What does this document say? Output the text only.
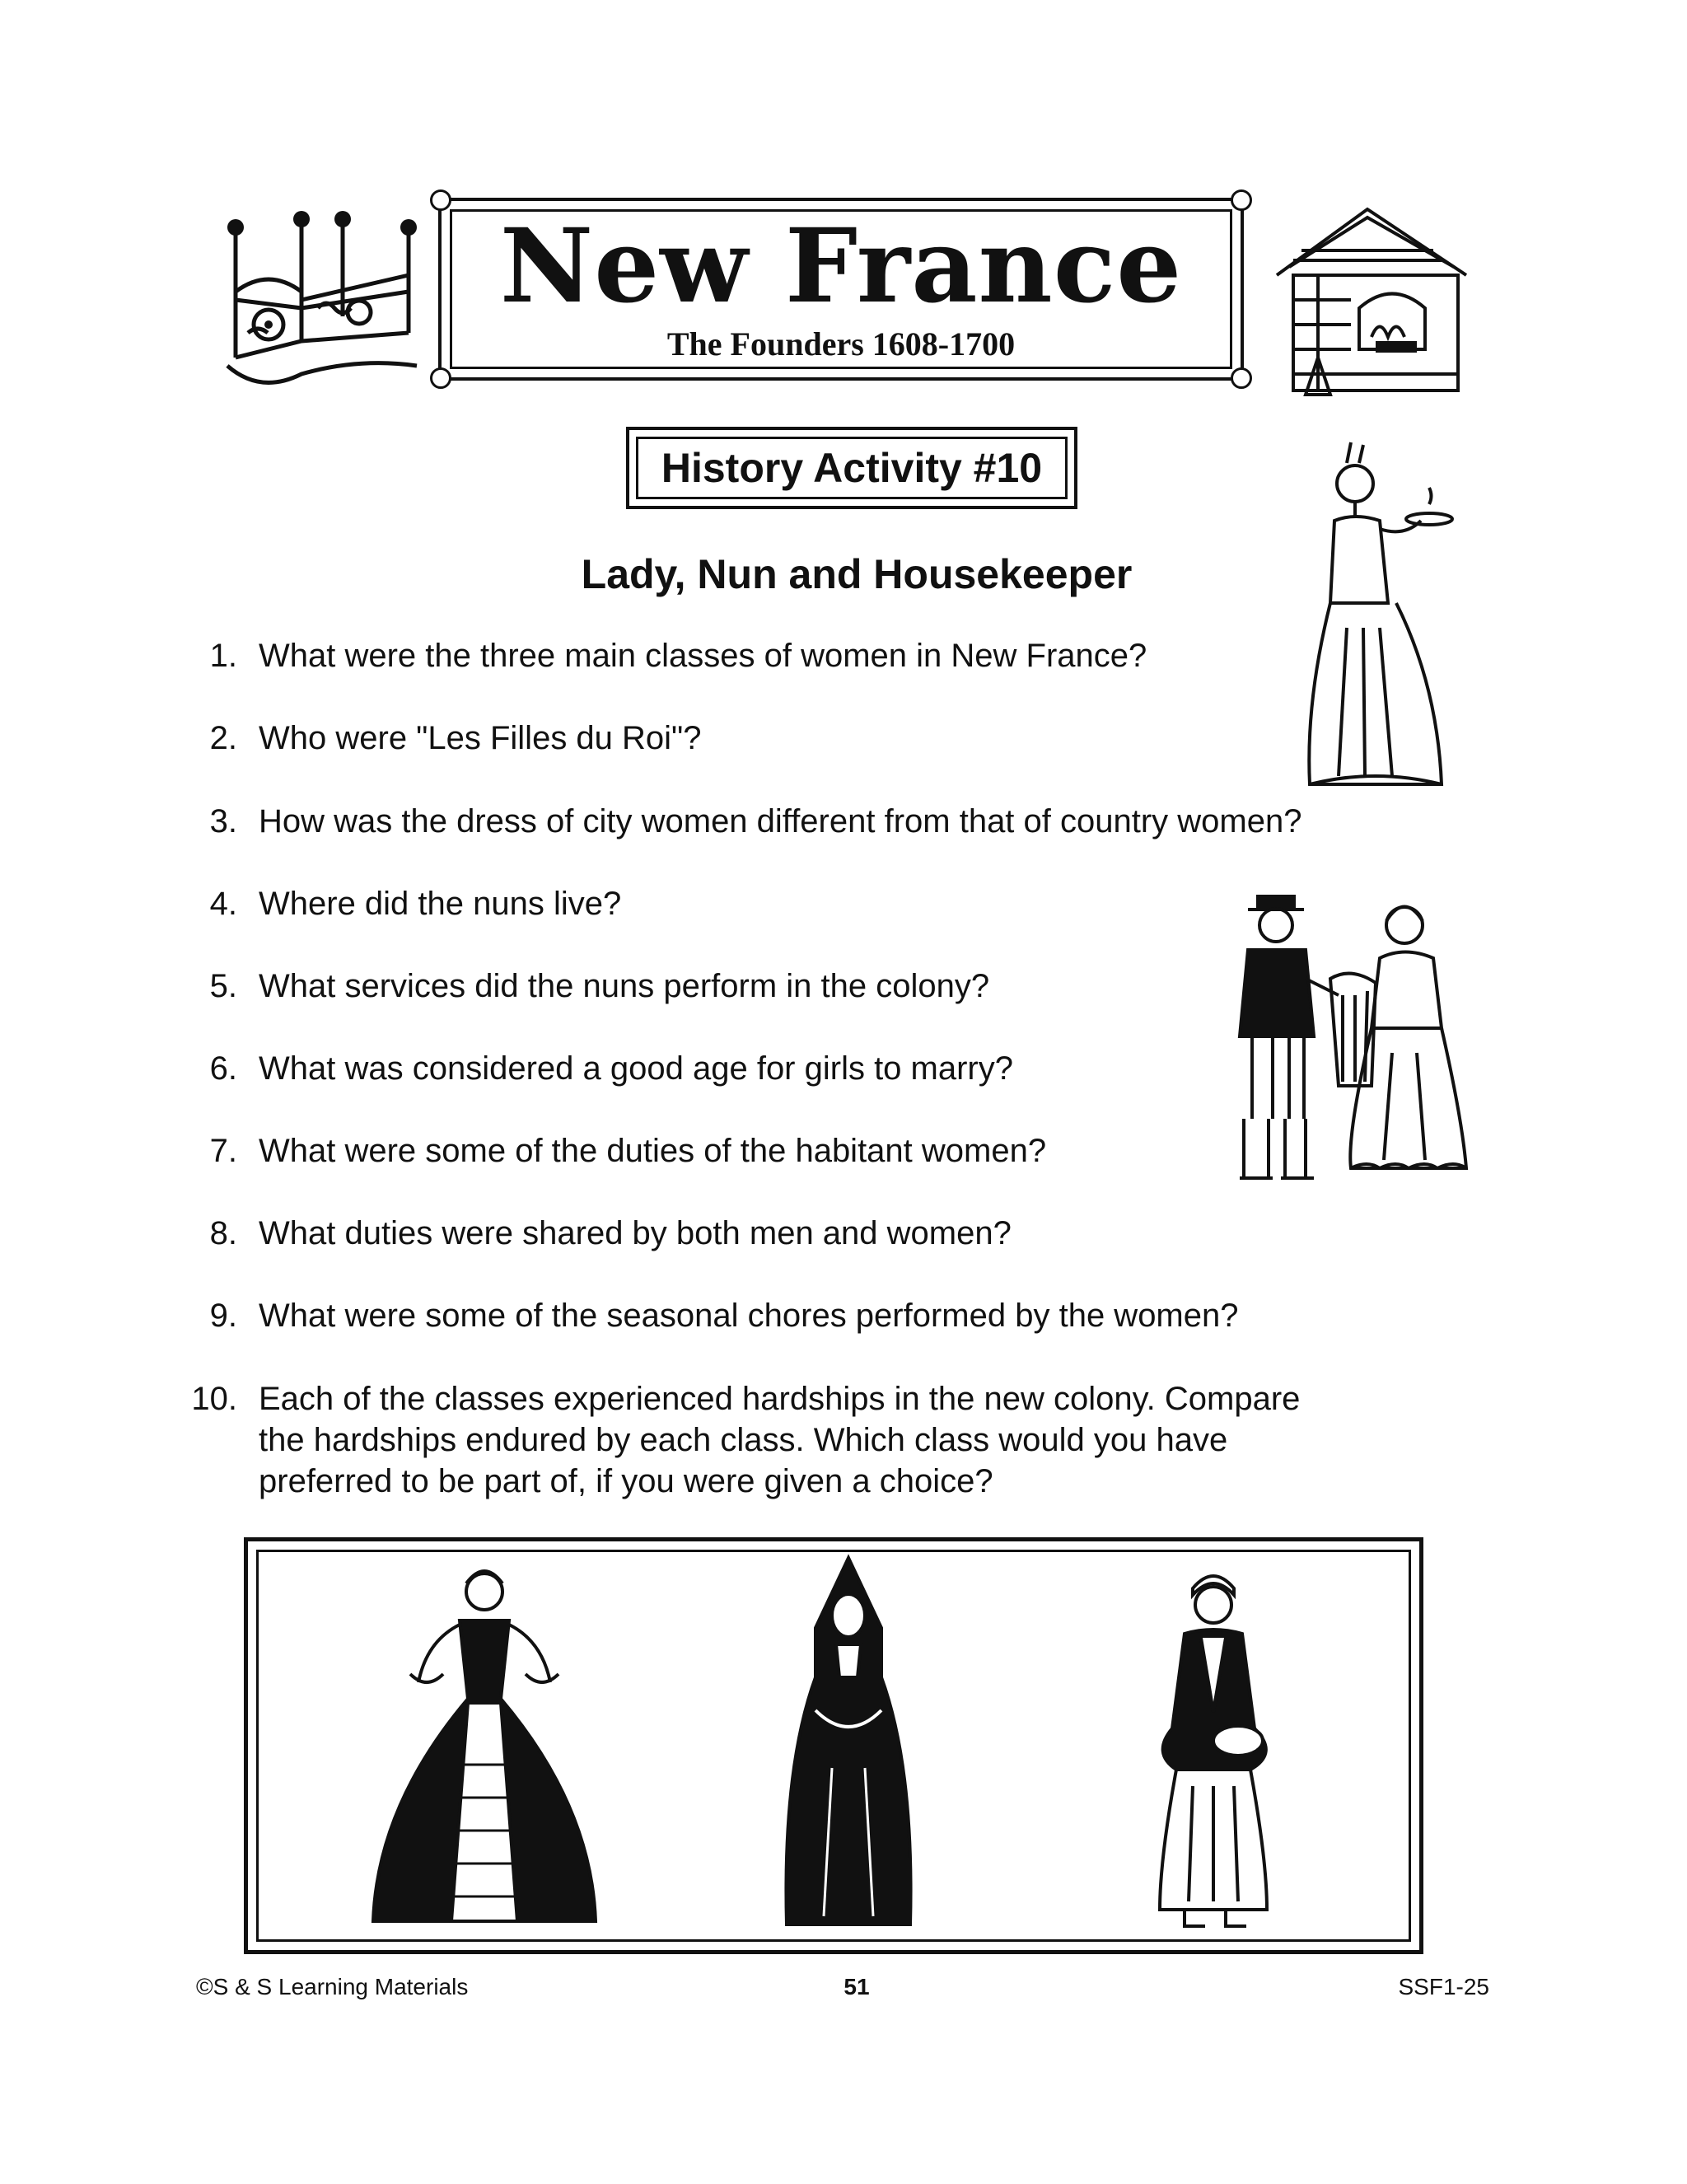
New France
The Founders 1608-1700
History Activity #10
Lady, Nun and Housekeeper
1. What were the three main classes of women in New France?
2. Who were "Les Filles du Roi"?
3. How was the dress of city women different from that of country women?
4. Where did the nuns live?
5. What services did the nuns perform in the colony?
6. What was considered a good age for girls to marry?
7. What were some of the duties of the habitant women?
8. What duties were shared by both men and women?
9. What were some of the seasonal chores performed by the women?
10. Each of the classes experienced hardships in the new colony. Compare
the hardships endured by each class. Which class would you have
preferred to be part of, if you were given a choice?
©S & S Learning Materials	51	SSF1-25
